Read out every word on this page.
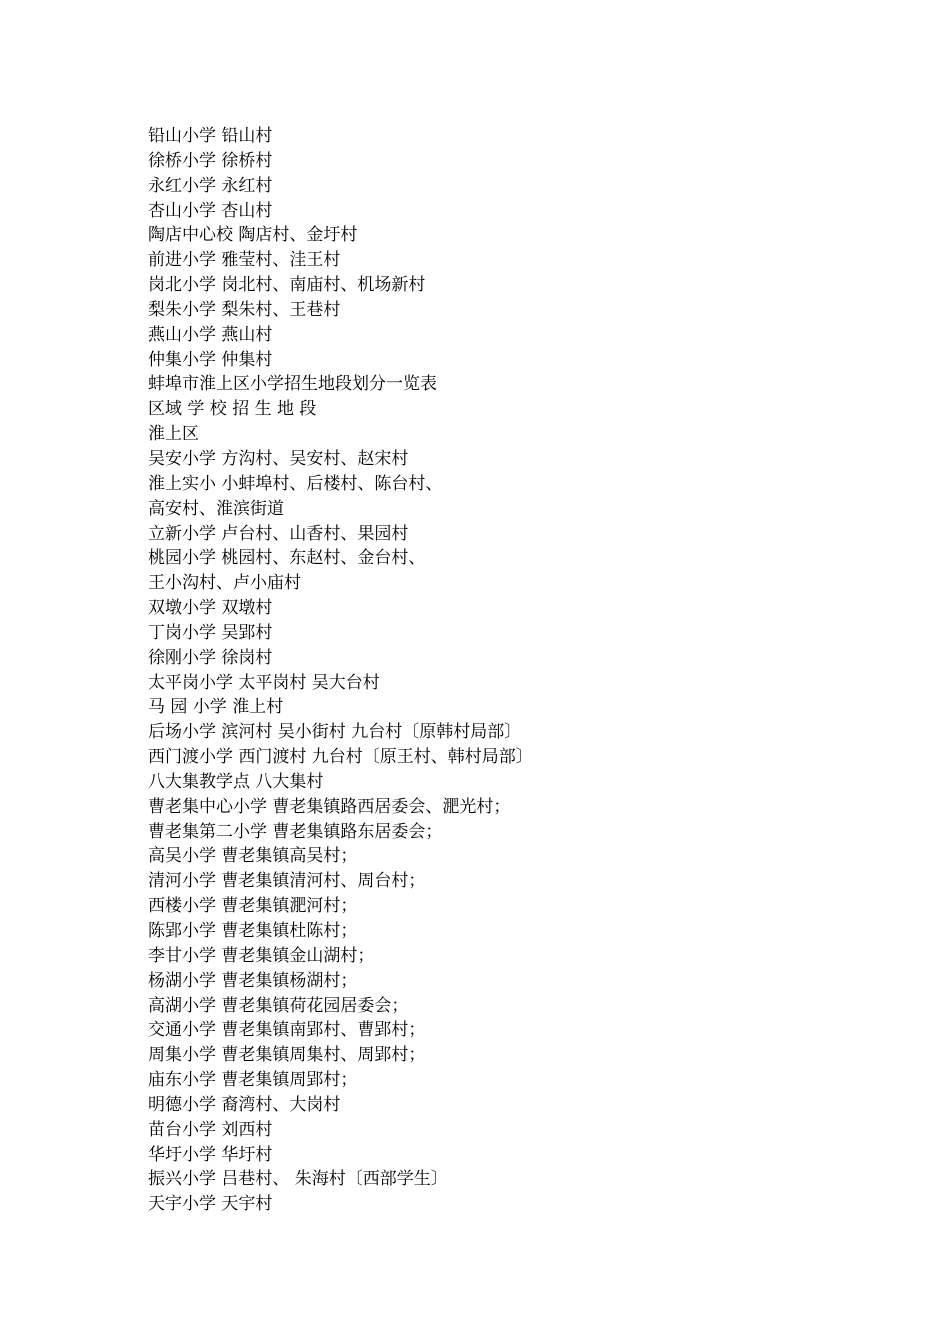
铅山小学 铅山村
徐桥小学 徐桥村
永红小学 永红村
杏山小学 杏山村
陶店中心校 陶店村、金圩村
前进小学 雅莹村、洼王村
岗北小学 岗北村、南庙村、机场新村
梨朱小学 梨朱村、王巷村
燕山小学 燕山村
仲集小学 仲集村
蚌埠市淮上区小学招生地段划分一览表
区域 学 校 招 生 地 段
淮上区
吴安小学 方沟村、吴安村、赵宋村
淮上实小 小蚌埠村、后楼村、陈台村、
高安村、淮滨街道
立新小学 卢台村、山香村、果园村
桃园小学 桃园村、东赵村、金台村、
王小沟村、卢小庙村
双墩小学 双墩村
丁岗小学 吴郢村
徐刚小学 徐岗村
太平岗小学 太平岗村 吴大台村
马 园 小学 淮上村
后场小学 滨河村 吴小街村 九台村〔原韩村局部〕
西门渡小学 西门渡村 九台村〔原王村、韩村局部〕
八大集教学点 八大集村
曹老集中心小学 曹老集镇路西居委会、淝光村；
曹老集第二小学 曹老集镇路东居委会；
高吴小学 曹老集镇高吴村；
清河小学 曹老集镇清河村、周台村；
西楼小学 曹老集镇淝河村；
陈郢小学 曹老集镇杜陈村；
李甘小学 曹老集镇金山湖村；
杨湖小学 曹老集镇杨湖村；
高湖小学 曹老集镇荷花园居委会；
交通小学 曹老集镇南郢村、曹郢村；
周集小学 曹老集镇周集村、周郢村；
庙东小学 曹老集镇周郢村；
明德小学 裔湾村、大岗村
苗台小学 刘西村
华圩小学 华圩村
振兴小学 吕巷村、 朱海村〔西部学生〕
天宇小学 天宇村
